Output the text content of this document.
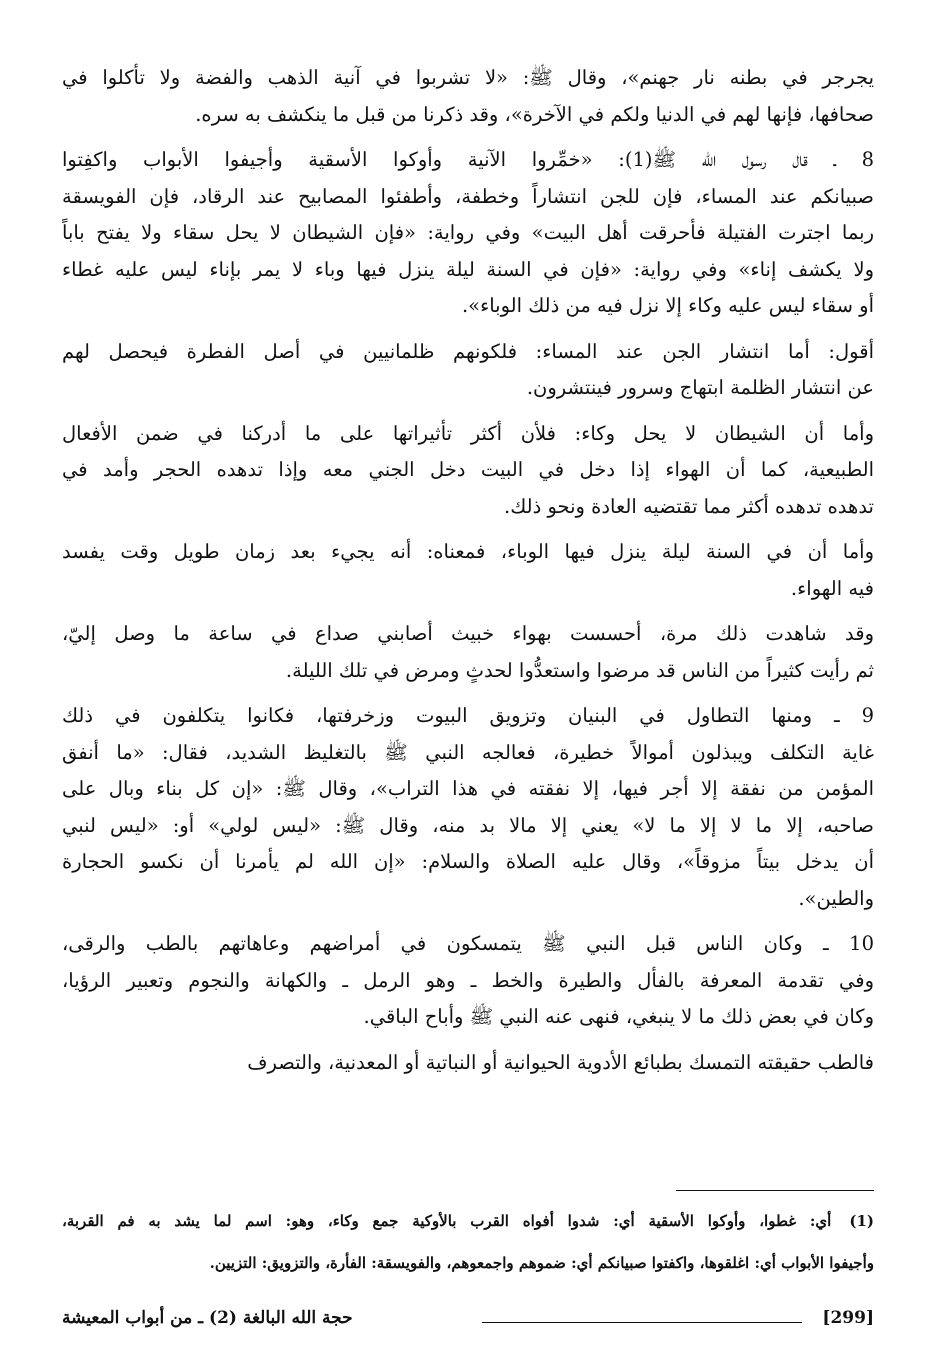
يجرجر في بطنه نار جهنم»، وقال ﷺ: «لا تشربوا في آنية الذهب والفضة ولا تأكلوا في
صحافها، فإنها لهم في الدنيا ولكم في الآخرة»، وقد ذكرنا من قبل ما ينكشف به سره.
8 ـ قال رسول الله ﷺ(1): «خمِّروا الآنية وأوكوا الأسقية وأجيفوا الأبواب واكفِتوا
صبيانكم عند المساء، فإن للجن انتشاراً وخطفة، وأطفئوا المصابيح عند الرقاد، فإن الفويسقة
ربما اجترت الفتيلة فأحرقت أهل البيت» وفي رواية: «فإن الشيطان لا يحل سقاء ولا يفتح باباً
ولا يكشف إناء» وفي رواية: «فإن في السنة ليلة ينزل فيها وباء لا يمر بإناء ليس عليه غطاء
أو سقاء ليس عليه وكاء إلا نزل فيه من ذلك الوباء».
أقول: أما انتشار الجن عند المساء: فلكونهم ظلمانيين في أصل الفطرة فيحصل لهم
عن انتشار الظلمة ابتهاج وسرور فينتشرون.
وأما أن الشيطان لا يحل وكاء: فلأن أكثر تأثيراتها على ما أدركنا في ضمن الأفعال
الطبيعية، كما أن الهواء إذا دخل في البيت دخل الجني معه وإذا تدهده الحجر وأمد في
تدهده تدهده أكثر مما تقتضيه العادة ونحو ذلك.
وأما أن في السنة ليلة ينزل فيها الوباء، فمعناه: أنه يجيء بعد زمان طويل وقت يفسد
فيه الهواء.
وقد شاهدت ذلك مرة، أحسست بهواء خبيث أصابني صداع في ساعة ما وصل إليّ،
ثم رأيت كثيراً من الناس قد مرضوا واستعدُّوا لحدثٍ ومرض في تلك الليلة.
9 ـ ومنها التطاول في البنيان وتزويق البيوت وزخرفتها، فكانوا يتكلفون في ذلك
غاية التكلف ويبذلون أموالاً خطيرة، فعالجه النبي ﷺ بالتغليظ الشديد، فقال: «ما أنفق
المؤمن من نفقة إلا أجر فيها، إلا نفقته في هذا التراب»، وقال ﷺ: «إن كل بناء وبال على
صاحبه، إلا ما لا إلا ما لا» يعني إلا مالا بد منه، وقال ﷺ: «ليس لولي» أو: «ليس لنبي
أن يدخل بيتاً مزوقاً»، وقال عليه الصلاة والسلام: «إن الله لم يأمرنا أن نكسو الحجارة
والطين».
10 ـ وكان الناس قبل النبي ﷺ يتمسكون في أمراضهم وعاهاتهم بالطب والرقى،
وفي تقدمة المعرفة بالفأل والطيرة والخط ـ وهو الرمل ـ والكهانة والنجوم وتعبير الرؤيا،
وكان في بعض ذلك ما لا ينبغي، فنهى عنه النبي ﷺ وأباح الباقي.
فالطب حقيقته التمسك بطبائع الأدوية الحيوانية أو النباتية أو المعدنية، والتصرف
(1)أي: غطوا، وأوكوا الأسقية أي: شدوا أفواه القرب بالأوكية جمع وكاء، وهو: اسم لما يشد به فم القربة،
وأجيفوا الأبواب أي: اغلقوها، واكفتوا صبيانكم أي: ضموهم واجمعوهم، والفويسقة: الفأرة، والتزويق: التزيين.
[299]
حجة الله البالغة (2) ـ من أبواب المعيشة
